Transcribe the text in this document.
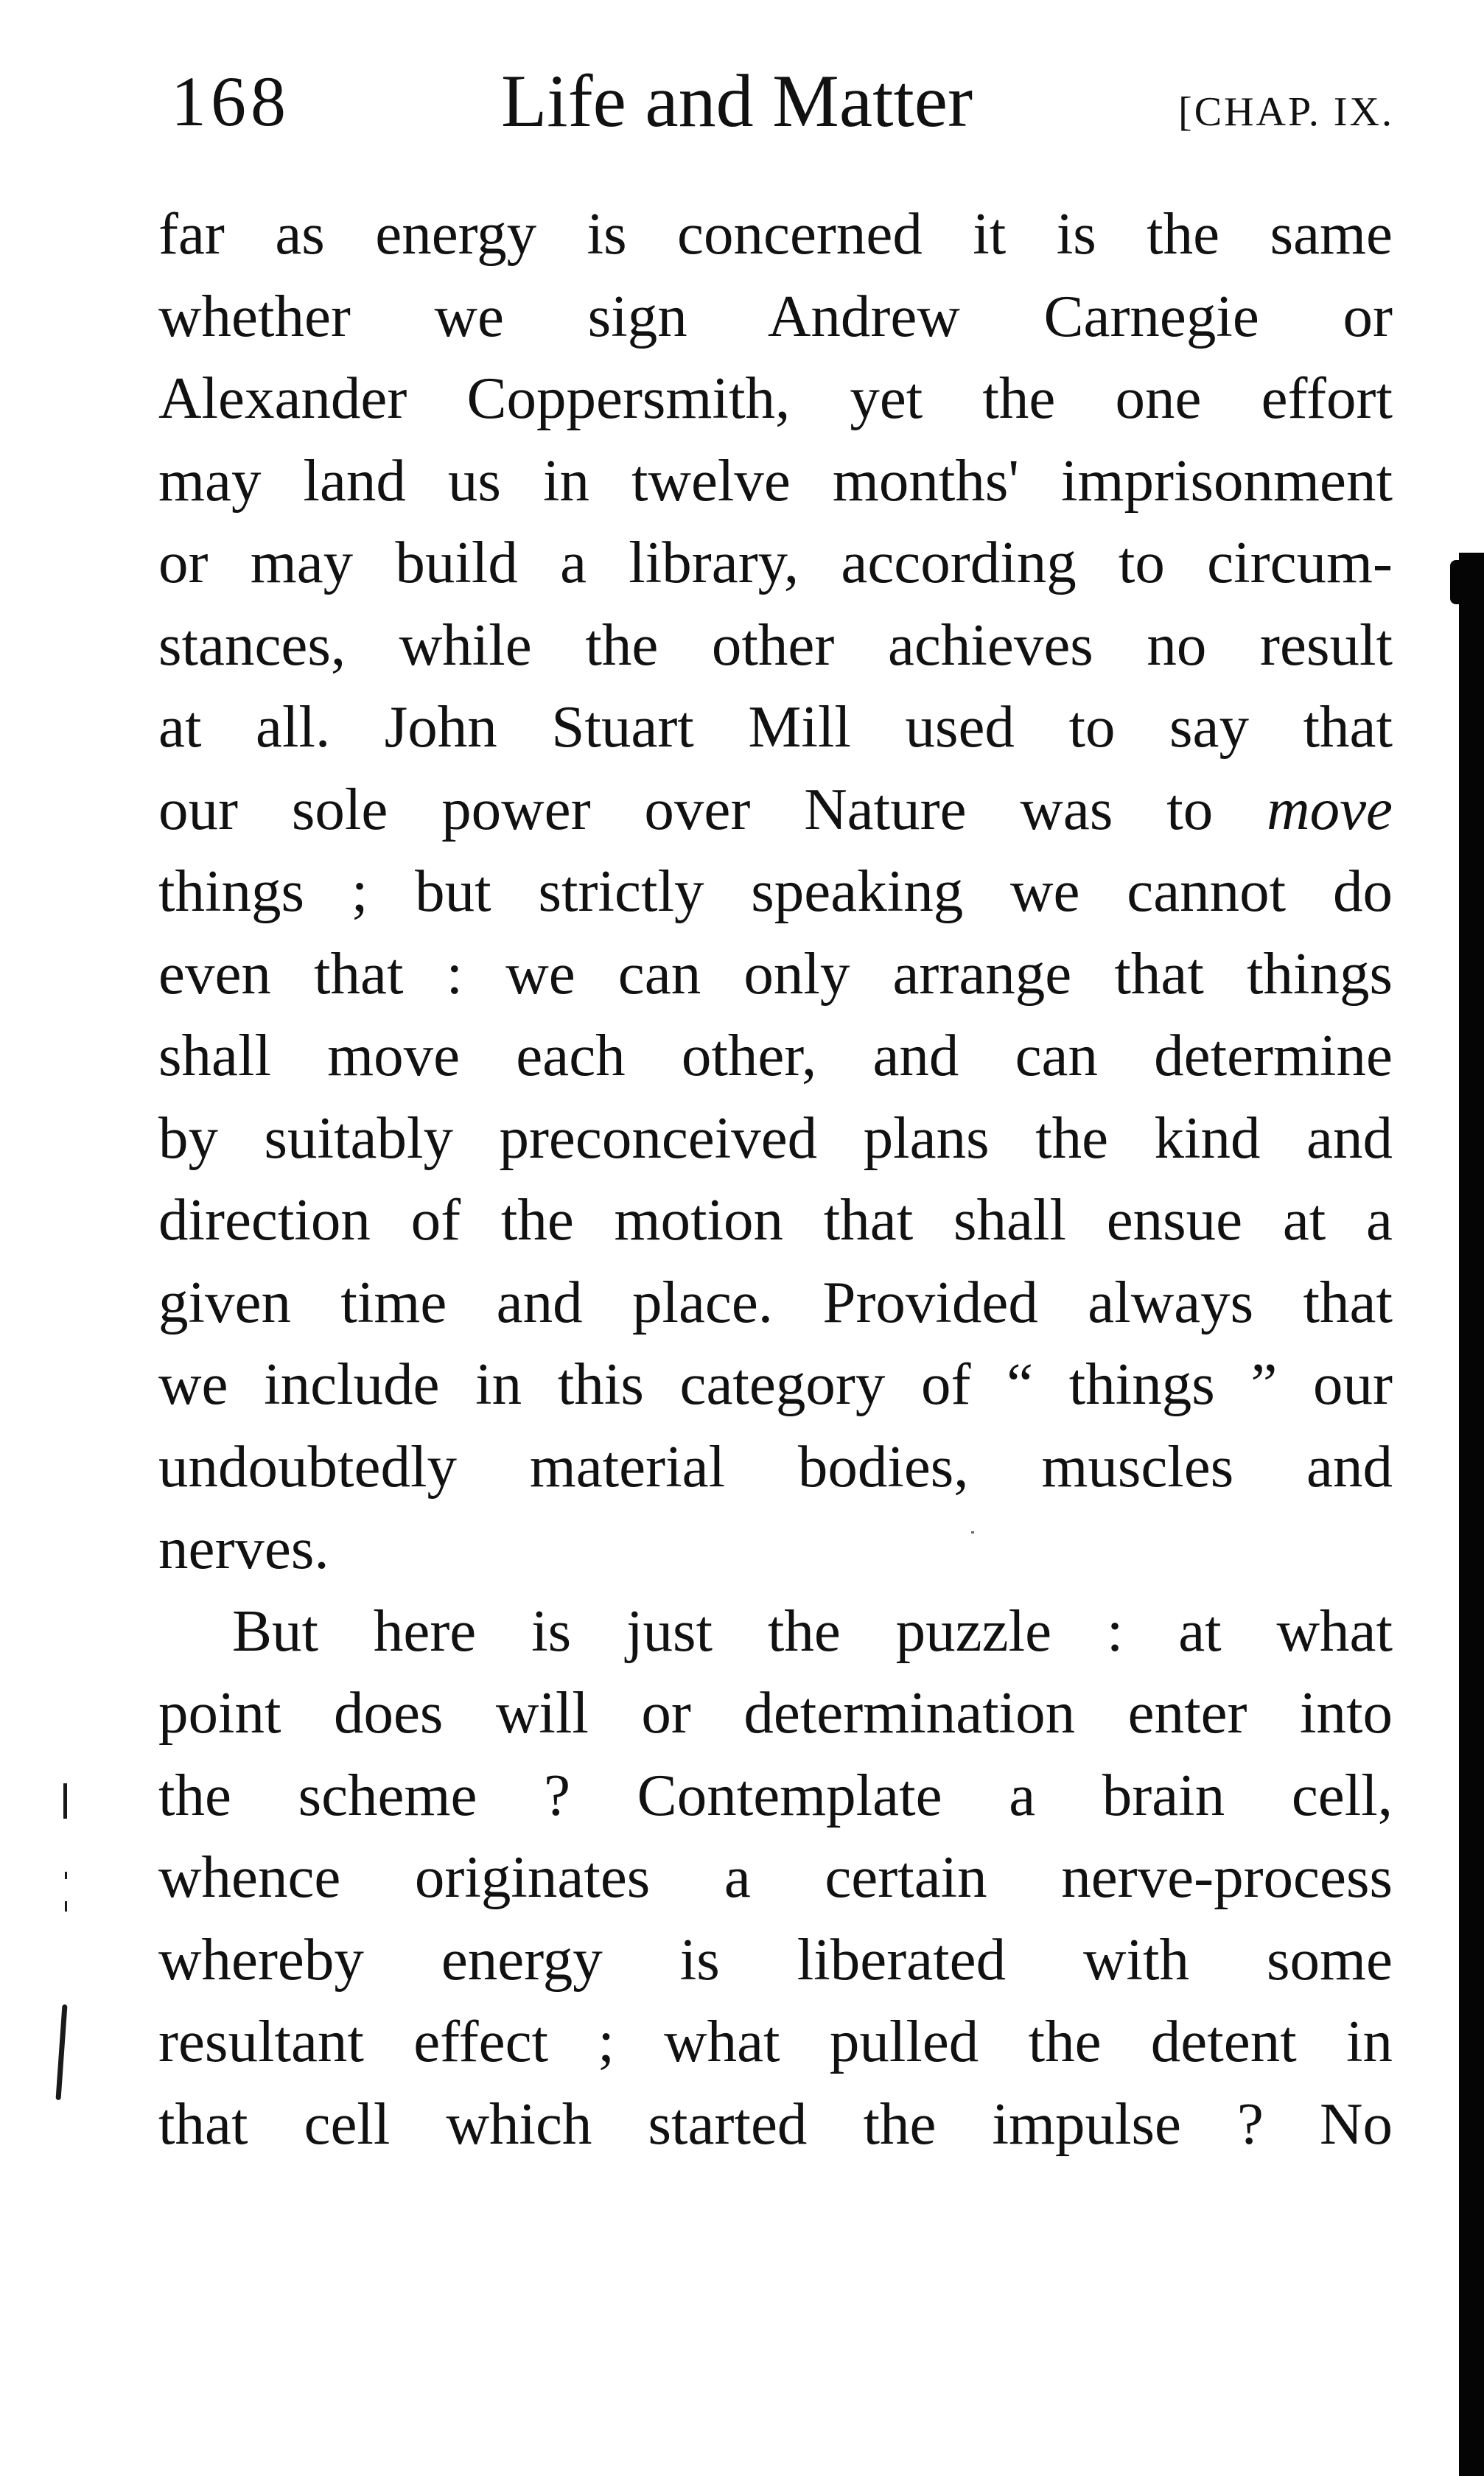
168	Life and Matter	[CHAP. IX.
far as energy is concerned it is the same
whether we sign Andrew Carnegie or
Alexander Coppersmith, yet the one effort
may land us in twelve months' imprisonment
or may build a library, according to circum-
stances, while the other achieves no result
at all. John Stuart Mill used to say that
our sole power over Nature was to move
things ; but strictly speaking we cannot do
even that : we can only arrange that things
shall move each other, and can determine
by suitably preconceived plans the kind and
direction of the motion that shall ensue at a
given time and place. Provided always that
we include in this category of “ things ” our
undoubtedly material bodies, muscles and
nerves.
But here is just the puzzle : at what
point does will or determination enter into
the scheme ? Contemplate a brain cell,
whence originates a certain nerve-process
whereby energy is liberated with some
resultant effect ; what pulled the detent in
that cell which started the impulse ? No
